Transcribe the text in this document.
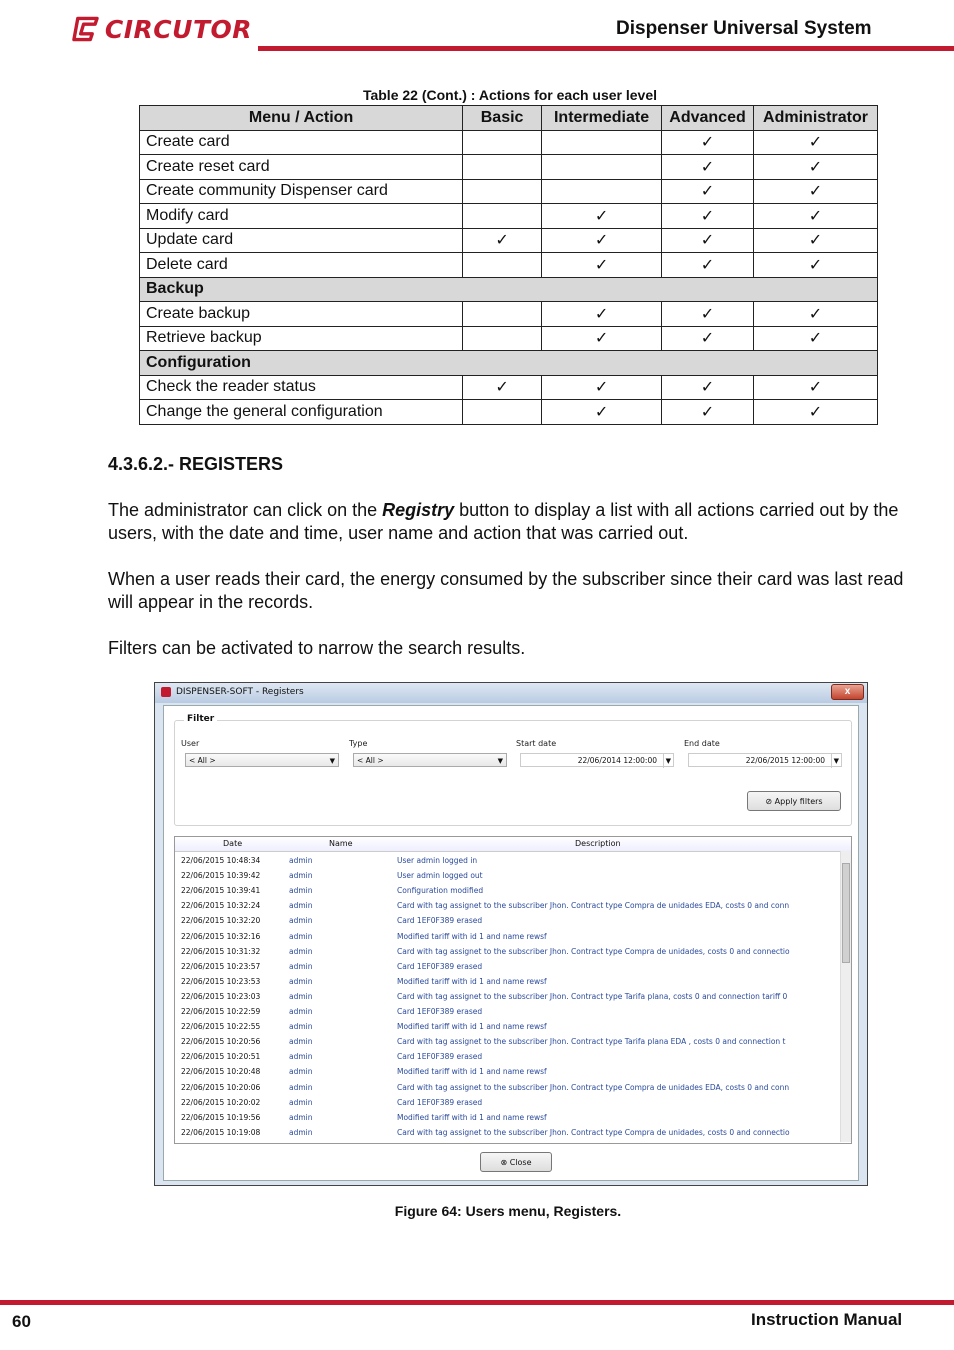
CIRCUTOR	Dispenser Universal System
Table 22 (Cont.) : Actions for each user level
Menu / Action	Basic	Intermediate	Advanced	Administrator
Create card			✓	✓
Create reset card			✓	✓
Create community Dispenser card			✓	✓
Modify card		✓	✓	✓
Update card	✓	✓	✓	✓
Delete card		✓	✓	✓
Backup				
Create backup		✓	✓	✓
Retrieve backup		✓	✓	✓
Configuration				
Check the reader status	✓	✓	✓	✓
Change the general configuration		✓	✓	✓
4.3.6.2.- REGISTERS
The administrator can click on the Registry button to display a list with all actions carried out by the users, with the date and time, user name and action that was carried out.
When a user reads their card, the energy consumed by the subscriber since their card was last read will appear in the records.
Filters can be activated to narrow the search results.
DISPENSER-SOFT - Registers	x
Filter
User
< All >	▼
Type
< All >	▼
Start date
22/06/2014 12:00:00	▼
End date
22/06/2015 12:00:00	▼
⊘ Apply filters
Date	Name	Description
22/06/2015 10:48:34	admin	User admin logged in
22/06/2015 10:39:42	admin	User admin logged out
22/06/2015 10:39:41	admin	Configuration modified
22/06/2015 10:32:24	admin	Card with tag assignet to the subscriber Jhon. Contract type Compra de unidades EDA, costs 0 and conn
22/06/2015 10:32:20	admin	Card 1EF0F389 erased
22/06/2015 10:32:16	admin	Modified tariff with id 1 and name rewsf
22/06/2015 10:31:32	admin	Card with tag assignet to the subscriber Jhon. Contract type Compra de unidades, costs 0 and connectio
22/06/2015 10:23:57	admin	Card 1EF0F389 erased
22/06/2015 10:23:53	admin	Modified tariff with id 1 and name rewsf
22/06/2015 10:23:03	admin	Card with tag assignet to the subscriber Jhon. Contract type Tarifa plana, costs 0 and connection tariff 0
22/06/2015 10:22:59	admin	Card 1EF0F389 erased
22/06/2015 10:22:55	admin	Modified tariff with id 1 and name rewsf
22/06/2015 10:20:56	admin	Card with tag assignet to the subscriber Jhon. Contract type Tarifa plana EDA , costs 0 and connection t
22/06/2015 10:20:51	admin	Card 1EF0F389 erased
22/06/2015 10:20:48	admin	Modified tariff with id 1 and name rewsf
22/06/2015 10:20:06	admin	Card with tag assignet to the subscriber Jhon. Contract type Compra de unidades EDA, costs 0 and conn
22/06/2015 10:20:02	admin	Card 1EF0F389 erased
22/06/2015 10:19:56	admin	Modified tariff with id 1 and name rewsf
22/06/2015 10:19:08	admin	Card with tag assignet to the subscriber Jhon. Contract type Compra de unidades, costs 0 and connectio
⊗ Close
Figure 64: Users menu, Registers.
60	Instruction Manual
